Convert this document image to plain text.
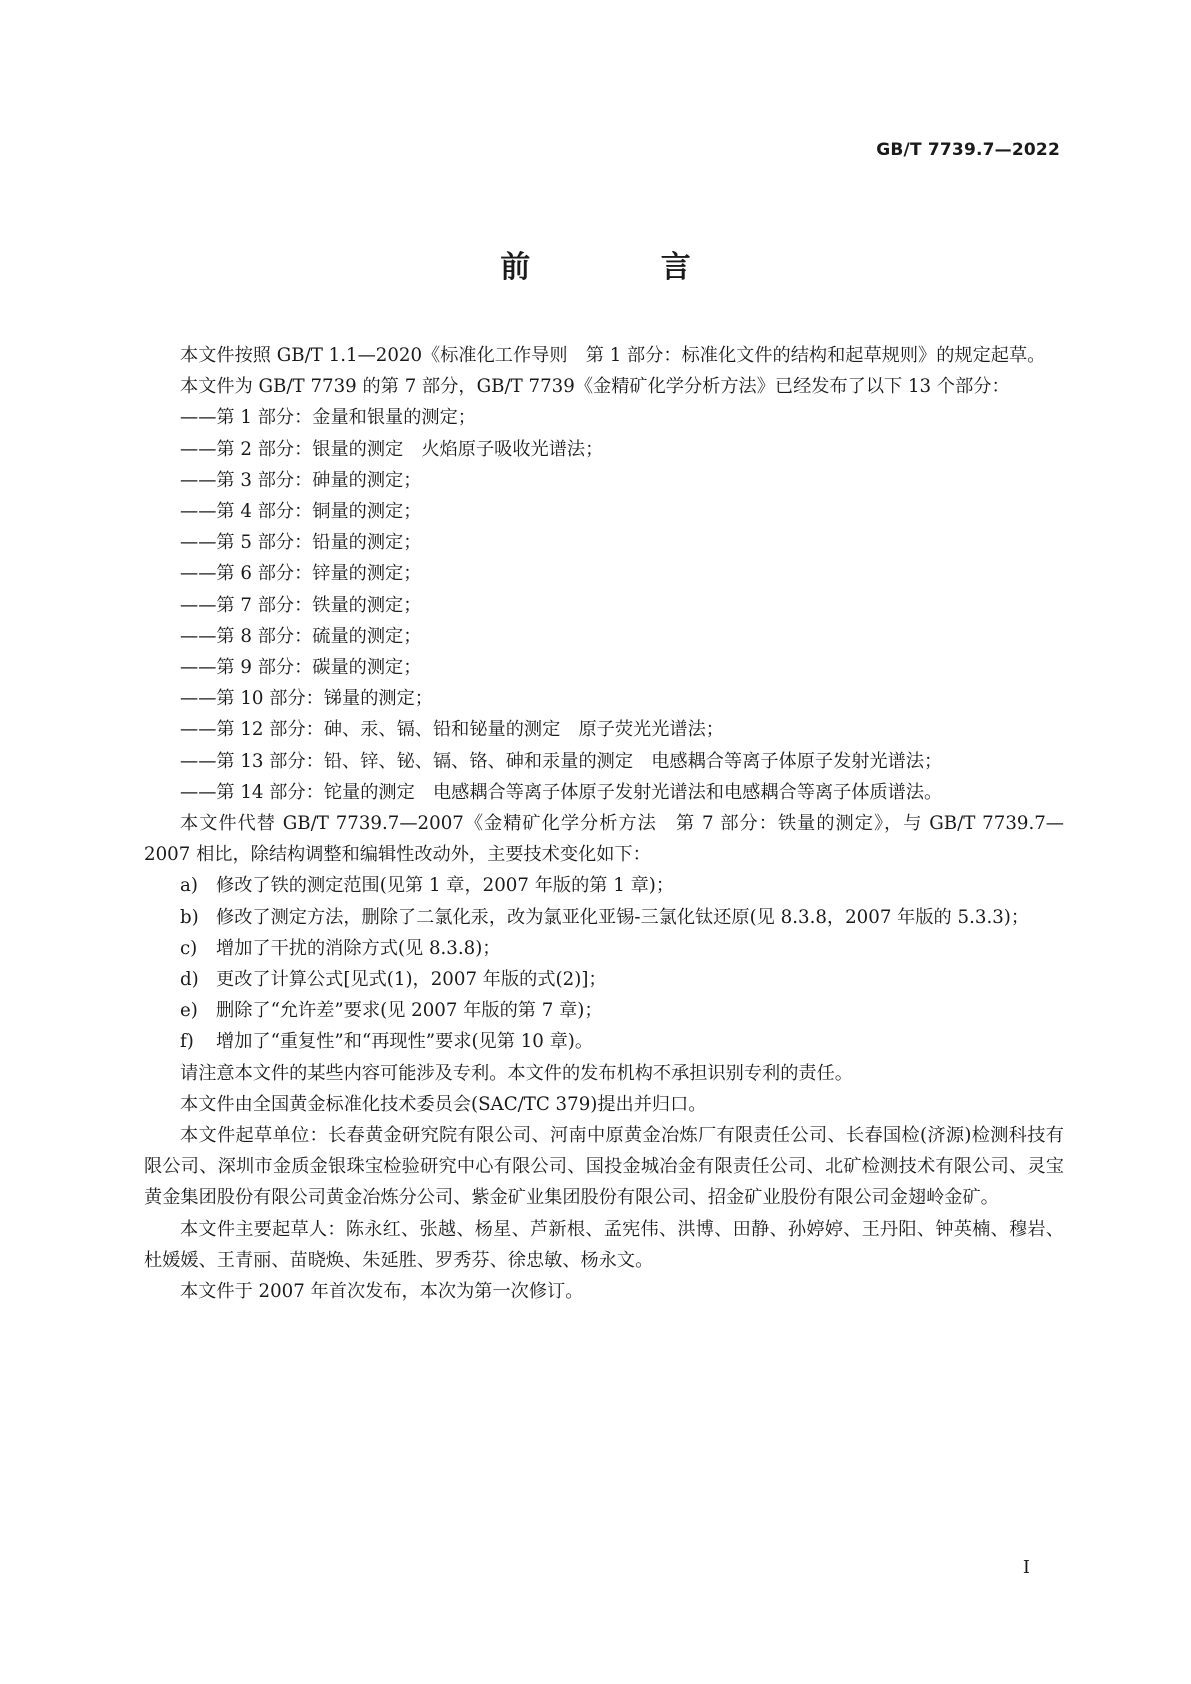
GB/T 7739.7—2022
前 言

本文件按照 GB/T 1.1—2020《标准化工作导则　第 1 部分：标准化文件的结构和起草规则》的规定起草。

本文件为 GB/T 7739 的第 7 部分，GB/T 7739《金精矿化学分析方法》已经发布了以下 13 个部分：

——第 1 部分：金量和银量的测定；

——第 2 部分：银量的测定　火焰原子吸收光谱法；

——第 3 部分：砷量的测定；

——第 4 部分：铜量的测定；

——第 5 部分：铅量的测定；

——第 6 部分：锌量的测定；

——第 7 部分：铁量的测定；

——第 8 部分：硫量的测定；

——第 9 部分：碳量的测定；

——第 10 部分：锑量的测定；

——第 12 部分：砷、汞、镉、铅和铋量的测定　原子荧光光谱法；

——第 13 部分：铅、锌、铋、镉、铬、砷和汞量的测定　电感耦合等离子体原子发射光谱法；

——第 14 部分：铊量的测定　电感耦合等离子体原子发射光谱法和电感耦合等离子体质谱法。

本文件代替 GB/T 7739.7—2007《金精矿化学分析方法　第 7 部分：铁量的测定》，与 GB/T 7739.7—2007 相比，除结构调整和编辑性改动外，主要技术变化如下：

a) 修改了铁的测定范围(见第 1 章，2007 年版的第 1 章)；

b) 修改了测定方法，删除了二氯化汞，改为氯亚化亚锡-三氯化钛还原(见 8.3.8，2007 年版的 5.3.3)；

c) 增加了干扰的消除方式(见 8.3.8)；

d) 更改了计算公式[见式(1)，2007 年版的式(2)]；

e) 删除了“允许差”要求(见 2007 年版的第 7 章)；

f) 增加了“重复性”和“再现性”要求(见第 10 章)。

请注意本文件的某些内容可能涉及专利。本文件的发布机构不承担识别专利的责任。

本文件由全国黄金标准化技术委员会(SAC/TC 379)提出并归口。

本文件起草单位：长春黄金研究院有限公司、河南中原黄金冶炼厂有限责任公司、长春国检(济源)检测科技有限公司、深圳市金质金银珠宝检验研究中心有限公司、国投金城冶金有限责任公司、北矿检测技术有限公司、灵宝黄金集团股份有限公司黄金冶炼分公司、紫金矿业集团股份有限公司、招金矿业股份有限公司金翅岭金矿。

本文件主要起草人：陈永红、张越、杨星、芦新根、孟宪伟、洪博、田静、孙婷婷、王丹阳、钟英楠、穆岩、杜媛媛、王青丽、苗晓焕、朱延胜、罗秀芬、徐忠敏、杨永文。

本文件于 2007 年首次发布，本次为第一次修订。

I
